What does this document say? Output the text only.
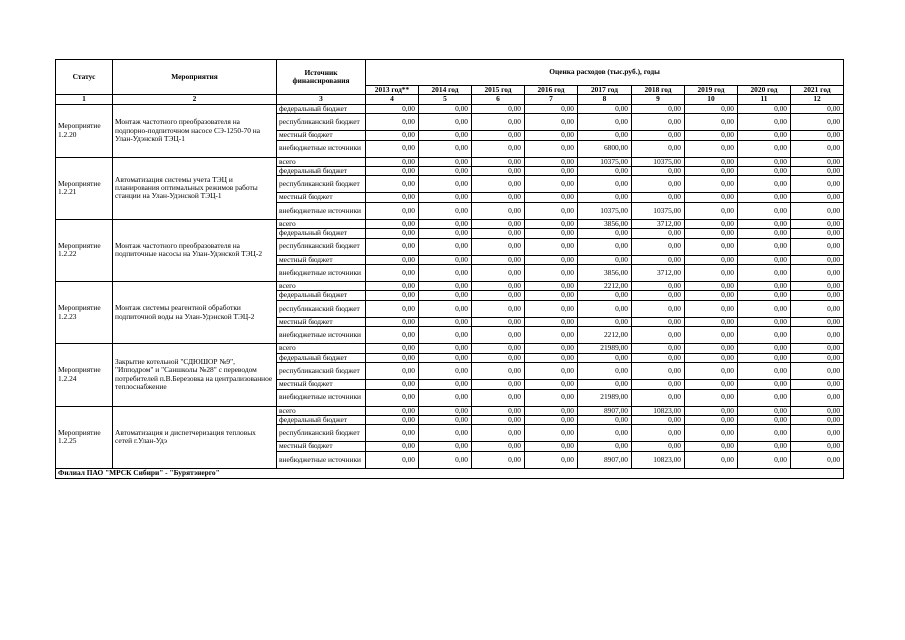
Статус	Мероприятия	Источник финансирования	Оценка расходов (тыс.руб.), годы								
			2013 год**	2014 год	2015 год	2016 год	2017 год	2018 год	2019 год	2020 год	2021 год
1	2	3	4	5	6	7	8	9	10	11	12
Мероприятие 1.2.20	Монтаж частотного преобразователя на подпорно-подпиточном насосе СЭ-1250-70 на Улан-Удэнской ТЭЦ-1	федеральный бюджет	0,00	0,00	0,00	0,00	0,00	0,00	0,00	0,00	0,00
		республиканский бюджет	0,00	0,00	0,00	0,00	0,00	0,00	0,00	0,00	0,00
		местный бюджет	0,00	0,00	0,00	0,00	0,00	0,00	0,00	0,00	0,00
		внебюджетные источники	0,00	0,00	0,00	0,00	6800,00	0,00	0,00	0,00	0,00
Мероприятие 1.2.21	Автоматизация системы учета ТЭЦ и планирования оптимальных режимов работы станции на Улан-Удэнской ТЭЦ-1	всего	0,00	0,00	0,00	0,00	10375,00	10375,00	0,00	0,00	0,00
		федеральный бюджет	0,00	0,00	0,00	0,00	0,00	0,00	0,00	0,00	0,00
		республиканский бюджет	0,00	0,00	0,00	0,00	0,00	0,00	0,00	0,00	0,00
		местный бюджет	0,00	0,00	0,00	0,00	0,00	0,00	0,00	0,00	0,00
		внебюджетные источники	0,00	0,00	0,00	0,00	10375,00	10375,00	0,00	0,00	0,00
Мероприятие 1.2.22	Монтаж частотного преобразователя на подпиточные насосы на Улан-Удэнской ТЭЦ-2	всего	0,00	0,00	0,00	0,00	3856,00	3712,00	0,00	0,00	0,00
		федеральный бюджет	0,00	0,00	0,00	0,00	0,00	0,00	0,00	0,00	0,00
		республиканский бюджет	0,00	0,00	0,00	0,00	0,00	0,00	0,00	0,00	0,00
		местный бюджет	0,00	0,00	0,00	0,00	0,00	0,00	0,00	0,00	0,00
		внебюджетные источники	0,00	0,00	0,00	0,00	3856,00	3712,00	0,00	0,00	0,00
Мероприятие 1.2.23	Монтаж системы реагентной обработки подпиточной воды на Улан-Удэнской ТЭЦ-2	всего	0,00	0,00	0,00	0,00	2212,00	0,00	0,00	0,00	0,00
		федеральный бюджет	0,00	0,00	0,00	0,00	0,00	0,00	0,00	0,00	0,00
		республиканский бюджет	0,00	0,00	0,00	0,00	0,00	0,00	0,00	0,00	0,00
		местный бюджет	0,00	0,00	0,00	0,00	0,00	0,00	0,00	0,00	0,00
		внебюджетные источники	0,00	0,00	0,00	0,00	2212,00	0,00	0,00	0,00	0,00
Мероприятие 1.2.24	Закрытие котельной "СДЮШОР №9", "Ипподром" и "Саншколы №28" с переводом потребителей п.В.Березовка на централизованное теплоснабжение	всего	0,00	0,00	0,00	0,00	21989,00	0,00	0,00	0,00	0,00
		федеральный бюджет	0,00	0,00	0,00	0,00	0,00	0,00	0,00	0,00	0,00
		республиканский бюджет	0,00	0,00	0,00	0,00	0,00	0,00	0,00	0,00	0,00
		местный бюджет	0,00	0,00	0,00	0,00	0,00	0,00	0,00	0,00	0,00
		внебюджетные источники	0,00	0,00	0,00	0,00	21989,00	0,00	0,00	0,00	0,00
Мероприятие 1.2.25	Автоматизация и диспетчеризация тепловых сетей г.Улан-Удэ	всего	0,00	0,00	0,00	0,00	8907,00	10823,00	0,00	0,00	0,00
		федеральный бюджет	0,00	0,00	0,00	0,00	0,00	0,00	0,00	0,00	0,00
		республиканский бюджет	0,00	0,00	0,00	0,00	0,00	0,00	0,00	0,00	0,00
		местный бюджет	0,00	0,00	0,00	0,00	0,00	0,00	0,00	0,00	0,00
		внебюджетные источники	0,00	0,00	0,00	0,00	8907,00	10823,00	0,00	0,00	0,00
Филиал ПАО "МРСК Сибири" - "Бурятэнерго"											
